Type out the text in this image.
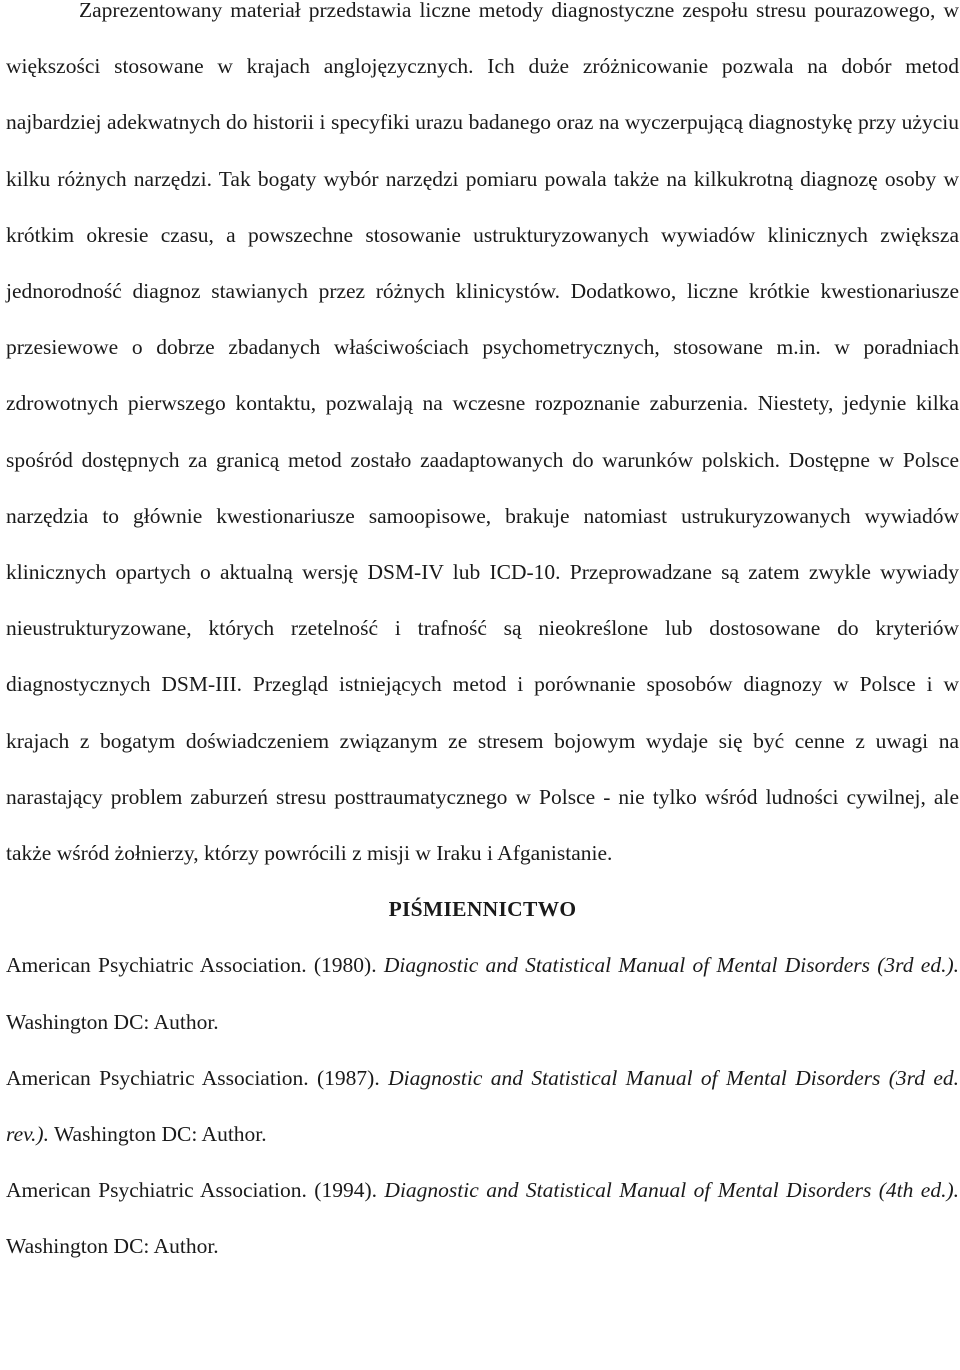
Zaprezentowany materiał przedstawia liczne metody diagnostyczne zespołu stresu pourazowego, w większości stosowane w krajach anglojęzycznych. Ich duże zróżnicowanie pozwala na dobór metod najbardziej adekwatnych do historii i specyfiki urazu badanego oraz na wyczerpującą diagnostykę przy użyciu kilku różnych narzędzi. Tak bogaty wybór narzędzi pomiaru powala także na kilkukrotną diagnozę osoby w krótkim okresie czasu, a powszechne stosowanie ustrukturyzowanych wywiadów klinicznych zwiększa jednorodność diagnoz stawianych przez różnych klinicystów. Dodatkowo, liczne krótkie kwestionariusze przesiewowe o dobrze zbadanych właściwościach psychometrycznych, stosowane m.in. w poradniach zdrowotnych pierwszego kontaktu, pozwalają na wczesne rozpoznanie zaburzenia. Niestety, jedynie kilka spośród dostępnych za granicą metod zostało zaadaptowanych do warunków polskich. Dostępne w Polsce narzędzia to głównie kwestionariusze samoopisowe, brakuje natomiast ustrukuryzowanych wywiadów klinicznych opartych o aktualną wersję DSM-IV lub ICD-10. Przeprowadzane są zatem zwykle wywiady nieustrukturyzowane, których rzetelność i trafność są nieokreślone lub dostosowane do kryteriów diagnostycznych DSM-III. Przegląd istniejących metod i porównanie sposobów diagnozy w Polsce i w krajach z bogatym doświadczeniem związanym ze stresem bojowym wydaje się być cenne z uwagi na narastający problem zaburzeń stresu posttraumatycznego w Polsce - nie tylko wśród ludności cywilnej, ale także wśród żołnierzy, którzy powrócili z misji w Iraku i Afganistanie.

PIŚMIENNICTWO

American Psychiatric Association. (1980). Diagnostic and Statistical Manual of Mental Disorders (3rd ed.). Washington DC: Author.

American Psychiatric Association. (1987). Diagnostic and Statistical Manual of Mental Disorders (3rd ed. rev.). Washington DC: Author.

American Psychiatric Association. (1994). Diagnostic and Statistical Manual of Mental Disorders (4th ed.). Washington DC: Author.
